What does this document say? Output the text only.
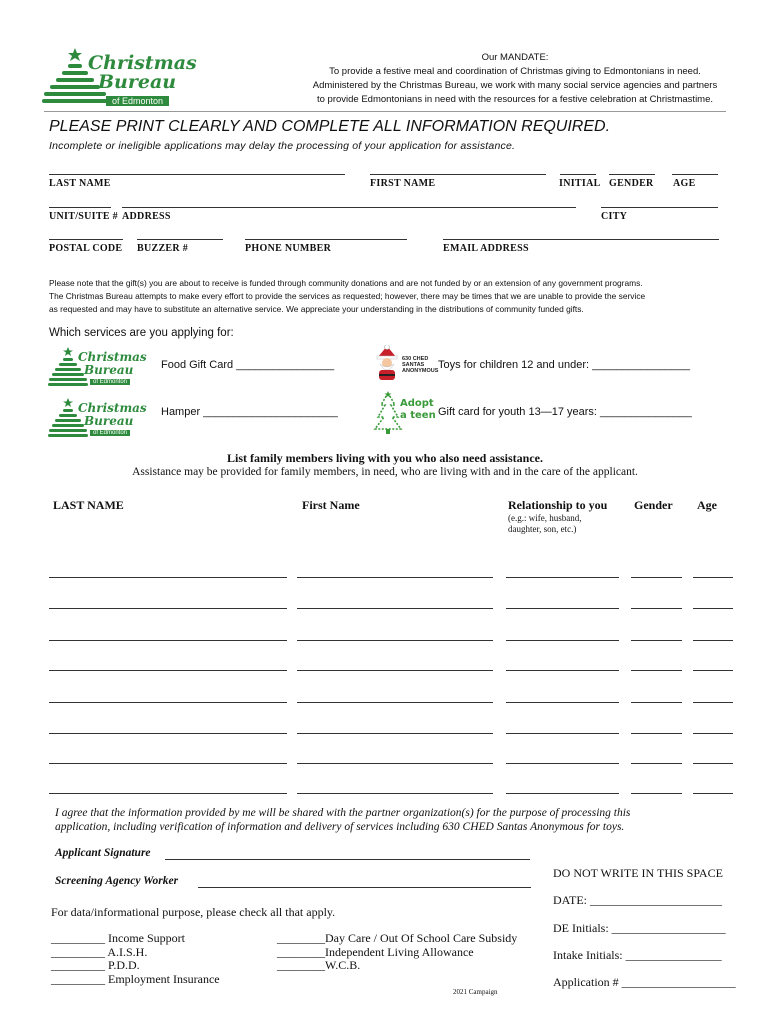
Christmas
Bureau
of Edmonton
Our MANDATE:
To provide a festive meal and coordination of Christmas giving to Edmontonians in need.
Administered by the Christmas Bureau, we work with many social service agencies and partners
to provide Edmontonians in need with the resources for a festive celebration at Christmastime.
PLEASE PRINT CLEARLY AND COMPLETE ALL INFORMATION REQUIRED.
Incomplete or ineligible applications may delay the processing of your application for assistance.
LAST NAME	FIRST NAME	INITIAL GENDER AGE
UNIT/SUITE # ADDRESS	CITY
POSTAL CODE BUZZER #	PHONE NUMBER	EMAIL ADDRESS
Please note that the gift(s) you are about to receive is funded through community donations and are not funded by or an extension of any government programs.
The Christmas Bureau attempts to make every effort to provide the services as requested; however, there may be times that we are unable to provide the service
as requested and may have to substitute an alternative service. We appreciate your understanding in the distributions of community funded gifts.
Which services are you applying for:
Christmas
Bureau
of Edmonton
Christmas
Bureau
of Edmonton
Food Gift Card ________________
Hamper ______________________
630 CHED SANTAS ANONYMOUS Toys for children 12 and under: ________________
Adopt a teen Gift card for youth 13—17 years: _______________
List family members living with you who also need assistance.
Assistance may be provided for family members, in need, who are living with and in the care of the applicant.
LAST NAME	First Name	Relationship to you Gender Age
(e.g.: wife, husband,
daughter, son, etc.)
I agree that the information provided by me will be shared with the partner organization(s) for the purpose of processing this
application, including verification of information and delivery of services including 630 CHED Santas Anonymous for toys.
Applicant Signature
Screening Agency Worker
For data/informational purpose, please check all that apply.
_________ Income Support
_________ A.I.S.H.
_________ P.D.D.
_________ Employment Insurance
________Day Care / Out Of School Care Subsidy
________Independent Living Allowance
________W.C.B.
2021 Campaign
DO NOT WRITE IN THIS SPACE
DATE: ______________________
DE Initials: ___________________
Intake Initials: ________________
Application # ___________________
